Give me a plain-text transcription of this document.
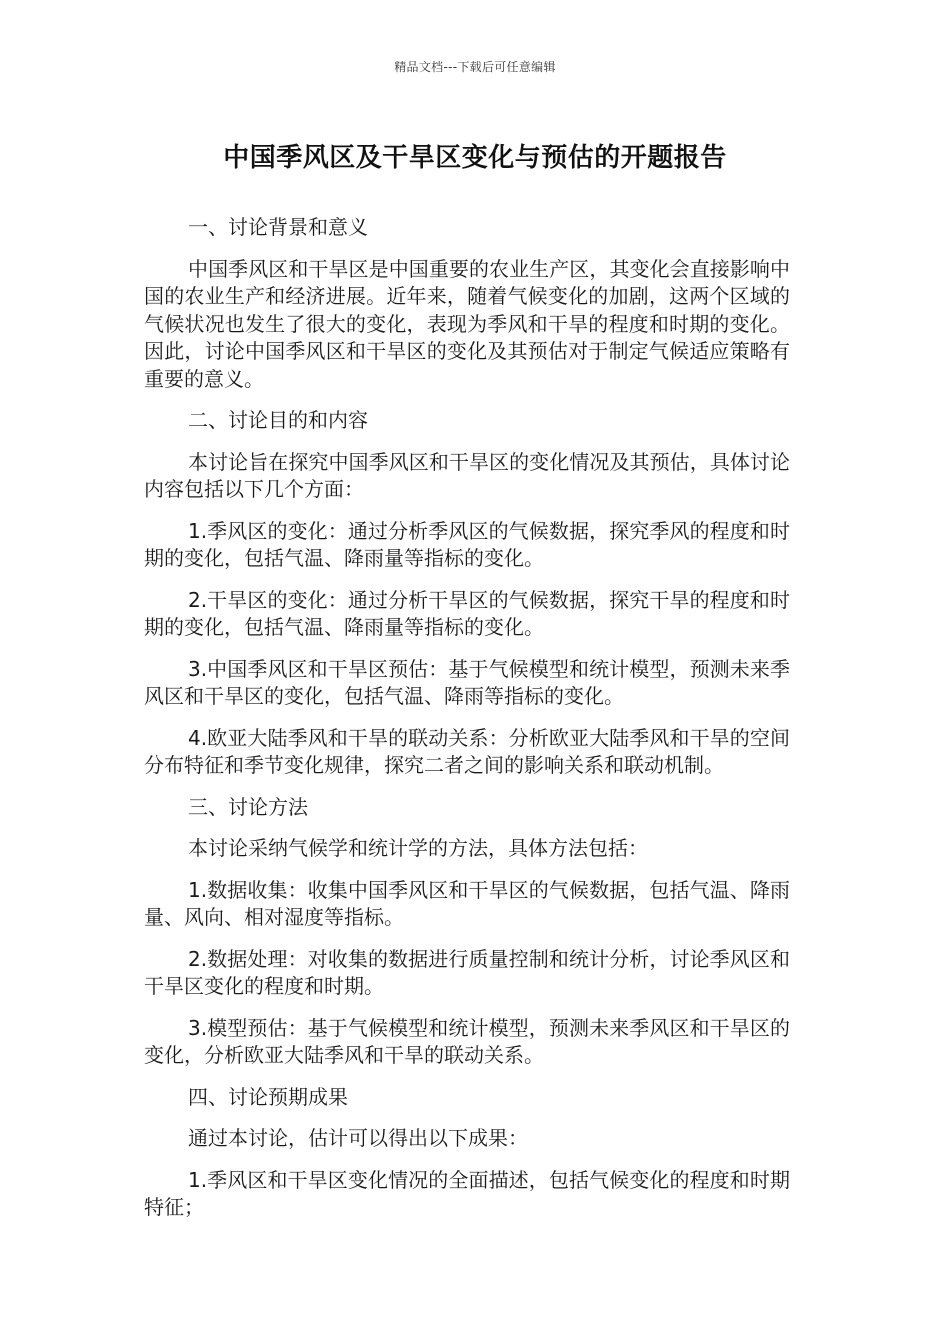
精品文档---下载后可任意编辑
中国季风区及干旱区变化与预估的开题报告

一、讨论背景和意义

中国季风区和干旱区是中国重要的农业生产区，其变化会直接影响中国的农业生产和经济进展。近年来，随着气候变化的加剧，这两个区域的气候状况也发生了很大的变化，表现为季风和干旱的程度和时期的变化。因此，讨论中国季风区和干旱区的变化及其预估对于制定气候适应策略有重要的意义。

二、讨论目的和内容

本讨论旨在探究中国季风区和干旱区的变化情况及其预估，具体讨论内容包括以下几个方面：

1.季风区的变化：通过分析季风区的气候数据，探究季风的程度和时期的变化，包括气温、降雨量等指标的变化。

2.干旱区的变化：通过分析干旱区的气候数据，探究干旱的程度和时期的变化，包括气温、降雨量等指标的变化。

3.中国季风区和干旱区预估：基于气候模型和统计模型，预测未来季风区和干旱区的变化，包括气温、降雨等指标的变化。

4.欧亚大陆季风和干旱的联动关系：分析欧亚大陆季风和干旱的空间分布特征和季节变化规律，探究二者之间的影响关系和联动机制。

三、讨论方法

本讨论采纳气候学和统计学的方法，具体方法包括：

1.数据收集：收集中国季风区和干旱区的气候数据，包括气温、降雨量、风向、相对湿度等指标。

2.数据处理：对收集的数据进行质量控制和统计分析，讨论季风区和干旱区变化的程度和时期。

3.模型预估：基于气候模型和统计模型，预测未来季风区和干旱区的变化，分析欧亚大陆季风和干旱的联动关系。

四、讨论预期成果

通过本讨论，估计可以得出以下成果：

1.季风区和干旱区变化情况的全面描述，包括气候变化的程度和时期特征；
